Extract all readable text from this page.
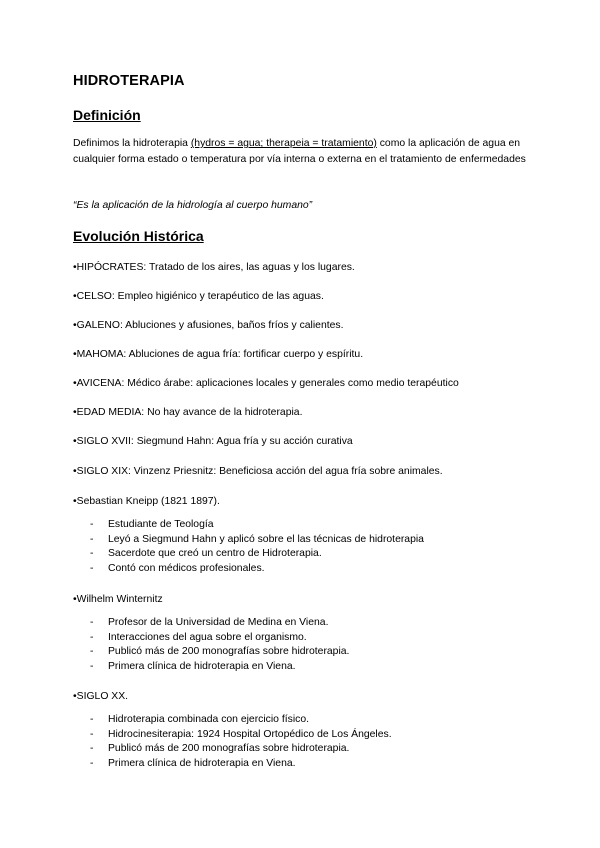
HIDROTERAPIA
Definición
Definimos la hidroterapia (hydros = agua; therapeia = tratamiento) como la aplicación de agua en cualquier forma estado o temperatura por vía interna o externa en el tratamiento de enfermedades
“Es la aplicación de la hidrología al cuerpo humano”
Evolución Histórica
•HIPÓCRATES: Tratado de los aires, las aguas y los lugares.
•CELSO: Empleo higiénico y terapéutico de las aguas.
•GALENO: Abluciones y afusiones, baños fríos y calientes.
•MAHOMA: Abluciones de agua fría: fortificar cuerpo y espíritu.
•AVICENA: Médico árabe: aplicaciones locales y generales como medio terapéutico
•EDAD MEDIA: No hay avance de la hidroterapia.
•SIGLO XVII: Siegmund Hahn: Agua fría y su acción curativa
•SIGLO XIX: Vinzenz Priesnitz: Beneficiosa acción del agua fría sobre animales.
•Sebastian Kneipp (1821 1897).
- Estudiante de Teología
- Leyó a Siegmund Hahn y aplicó sobre el las técnicas de hidroterapia
- Sacerdote que creó un centro de Hidroterapia.
- Contó con médicos profesionales.
•Wilhelm Winternitz
- Profesor de la Universidad de Medina en Viena.
- Interacciones del agua sobre el organismo.
- Publicó más de 200 monografías sobre hidroterapia.
- Primera clínica de hidroterapia en Viena.
•SIGLO XX.
- Hidroterapia combinada con ejercicio físico.
- Hidrocinesiterapia: 1924 Hospital Ortopédico de Los Ángeles.
- Publicó más de 200 monografías sobre hidroterapia.
- Primera clínica de hidroterapia en Viena.
